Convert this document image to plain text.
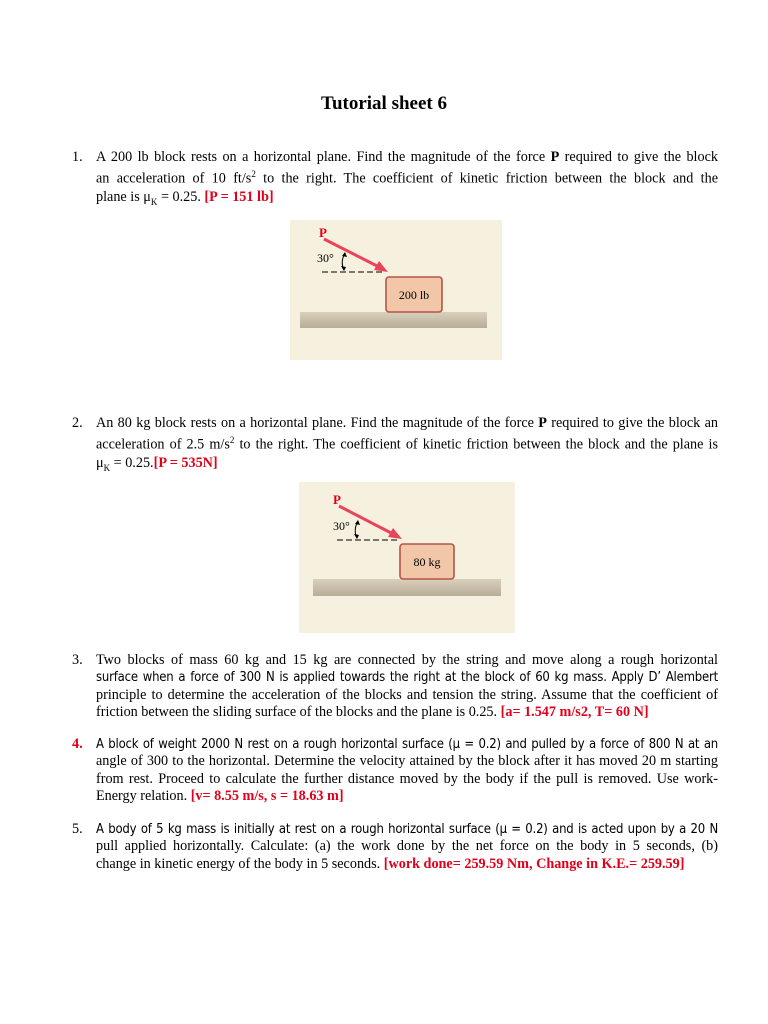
Tutorial sheet 6
1. A 200 lb block rests on a horizontal plane. Find the magnitude of the force P required to give the block
an acceleration of 10 $ft/s^2$ to the right. The coefficient of kinetic friction between the block and the
plane is $\mu_K = 0.25$. [P = 151 lb]
200 lb
P
30°
2. An 80 kg block rests on a horizontal plane. Find the magnitude of the force P required to give the block an
acceleration of 2.5 $m/s^2$ to the right. The coefficient of kinetic friction between the block and the plane is
$\mu_K = 0.25.[P = 535N]$
80 kg
P
30°
3. Two blocks of mass 60 kg and 15 kg are connected by the string and move along a rough horizontal
surface when a force of 300 N is applied towards the right at the block of 60 kg mass. Apply D’ Alembert
principle to determine the acceleration of the blocks and tension the string. Assume that the coefficient of
friction between the sliding surface of the blocks and the plane is 0.25. [a= 1.547 m/s2, T= 60 N]
4.	A block of weight 2000 N rest on a rough horizontal surface (μ = 0.2) and pulled by a force of 800 N at an
angle of 300 to the horizontal. Determine the velocity attained by the block after it has moved 20 m starting
from rest. Proceed to calculate the further distance moved by the body if the pull is removed. Use work-
Energy relation. [v= 8.55 m/s, s = 18.63 m]
5.	A body of 5 kg mass is initially at rest on a rough horizontal surface (μ = 0.2) and is acted upon by a 20 N
pull applied horizontally. Calculate: (a) the work done by the net force on the body in 5 seconds, (b)
change in kinetic energy of the body in 5 seconds. [work done= 259.59 Nm, Change in K.E.= 259.59]
